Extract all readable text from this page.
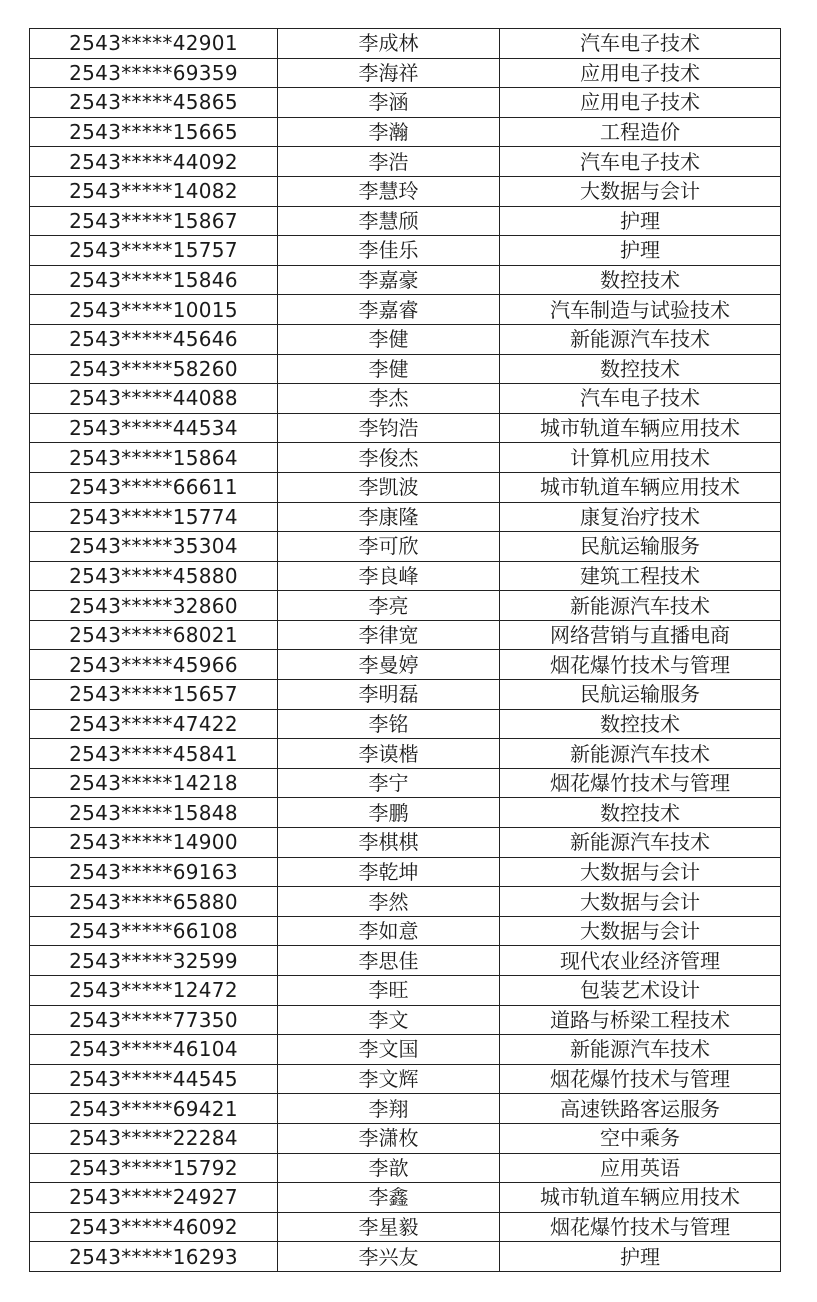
2543*****42901	李成林	汽车电子技术
2543*****69359	李海祥	应用电子技术
2543*****45865	李涵	应用电子技术
2543*****15665	李瀚	工程造价
2543*****44092	李浩	汽车电子技术
2543*****14082	李慧玲	大数据与会计
2543*****15867	李慧颀	护理
2543*****15757	李佳乐	护理
2543*****15846	李嘉豪	数控技术
2543*****10015	李嘉睿	汽车制造与试验技术
2543*****45646	李健	新能源汽车技术
2543*****58260	李健	数控技术
2543*****44088	李杰	汽车电子技术
2543*****44534	李钧浩	城市轨道车辆应用技术
2543*****15864	李俊杰	计算机应用技术
2543*****66611	李凯波	城市轨道车辆应用技术
2543*****15774	李康隆	康复治疗技术
2543*****35304	李可欣	民航运输服务
2543*****45880	李良峰	建筑工程技术
2543*****32860	李亮	新能源汽车技术
2543*****68021	李律宽	网络营销与直播电商
2543*****45966	李曼婷	烟花爆竹技术与管理
2543*****15657	李明磊	民航运输服务
2543*****47422	李铭	数控技术
2543*****45841	李谟楷	新能源汽车技术
2543*****14218	李宁	烟花爆竹技术与管理
2543*****15848	李鹏	数控技术
2543*****14900	李棋棋	新能源汽车技术
2543*****69163	李乾坤	大数据与会计
2543*****65880	李然	大数据与会计
2543*****66108	李如意	大数据与会计
2543*****32599	李思佳	现代农业经济管理
2543*****12472	李旺	包装艺术设计
2543*****77350	李文	道路与桥梁工程技术
2543*****46104	李文国	新能源汽车技术
2543*****44545	李文辉	烟花爆竹技术与管理
2543*****69421	李翔	高速铁路客运服务
2543*****22284	李潇枚	空中乘务
2543*****15792	李歆	应用英语
2543*****24927	李鑫	城市轨道车辆应用技术
2543*****46092	李星毅	烟花爆竹技术与管理
2543*****16293	李兴友	护理
